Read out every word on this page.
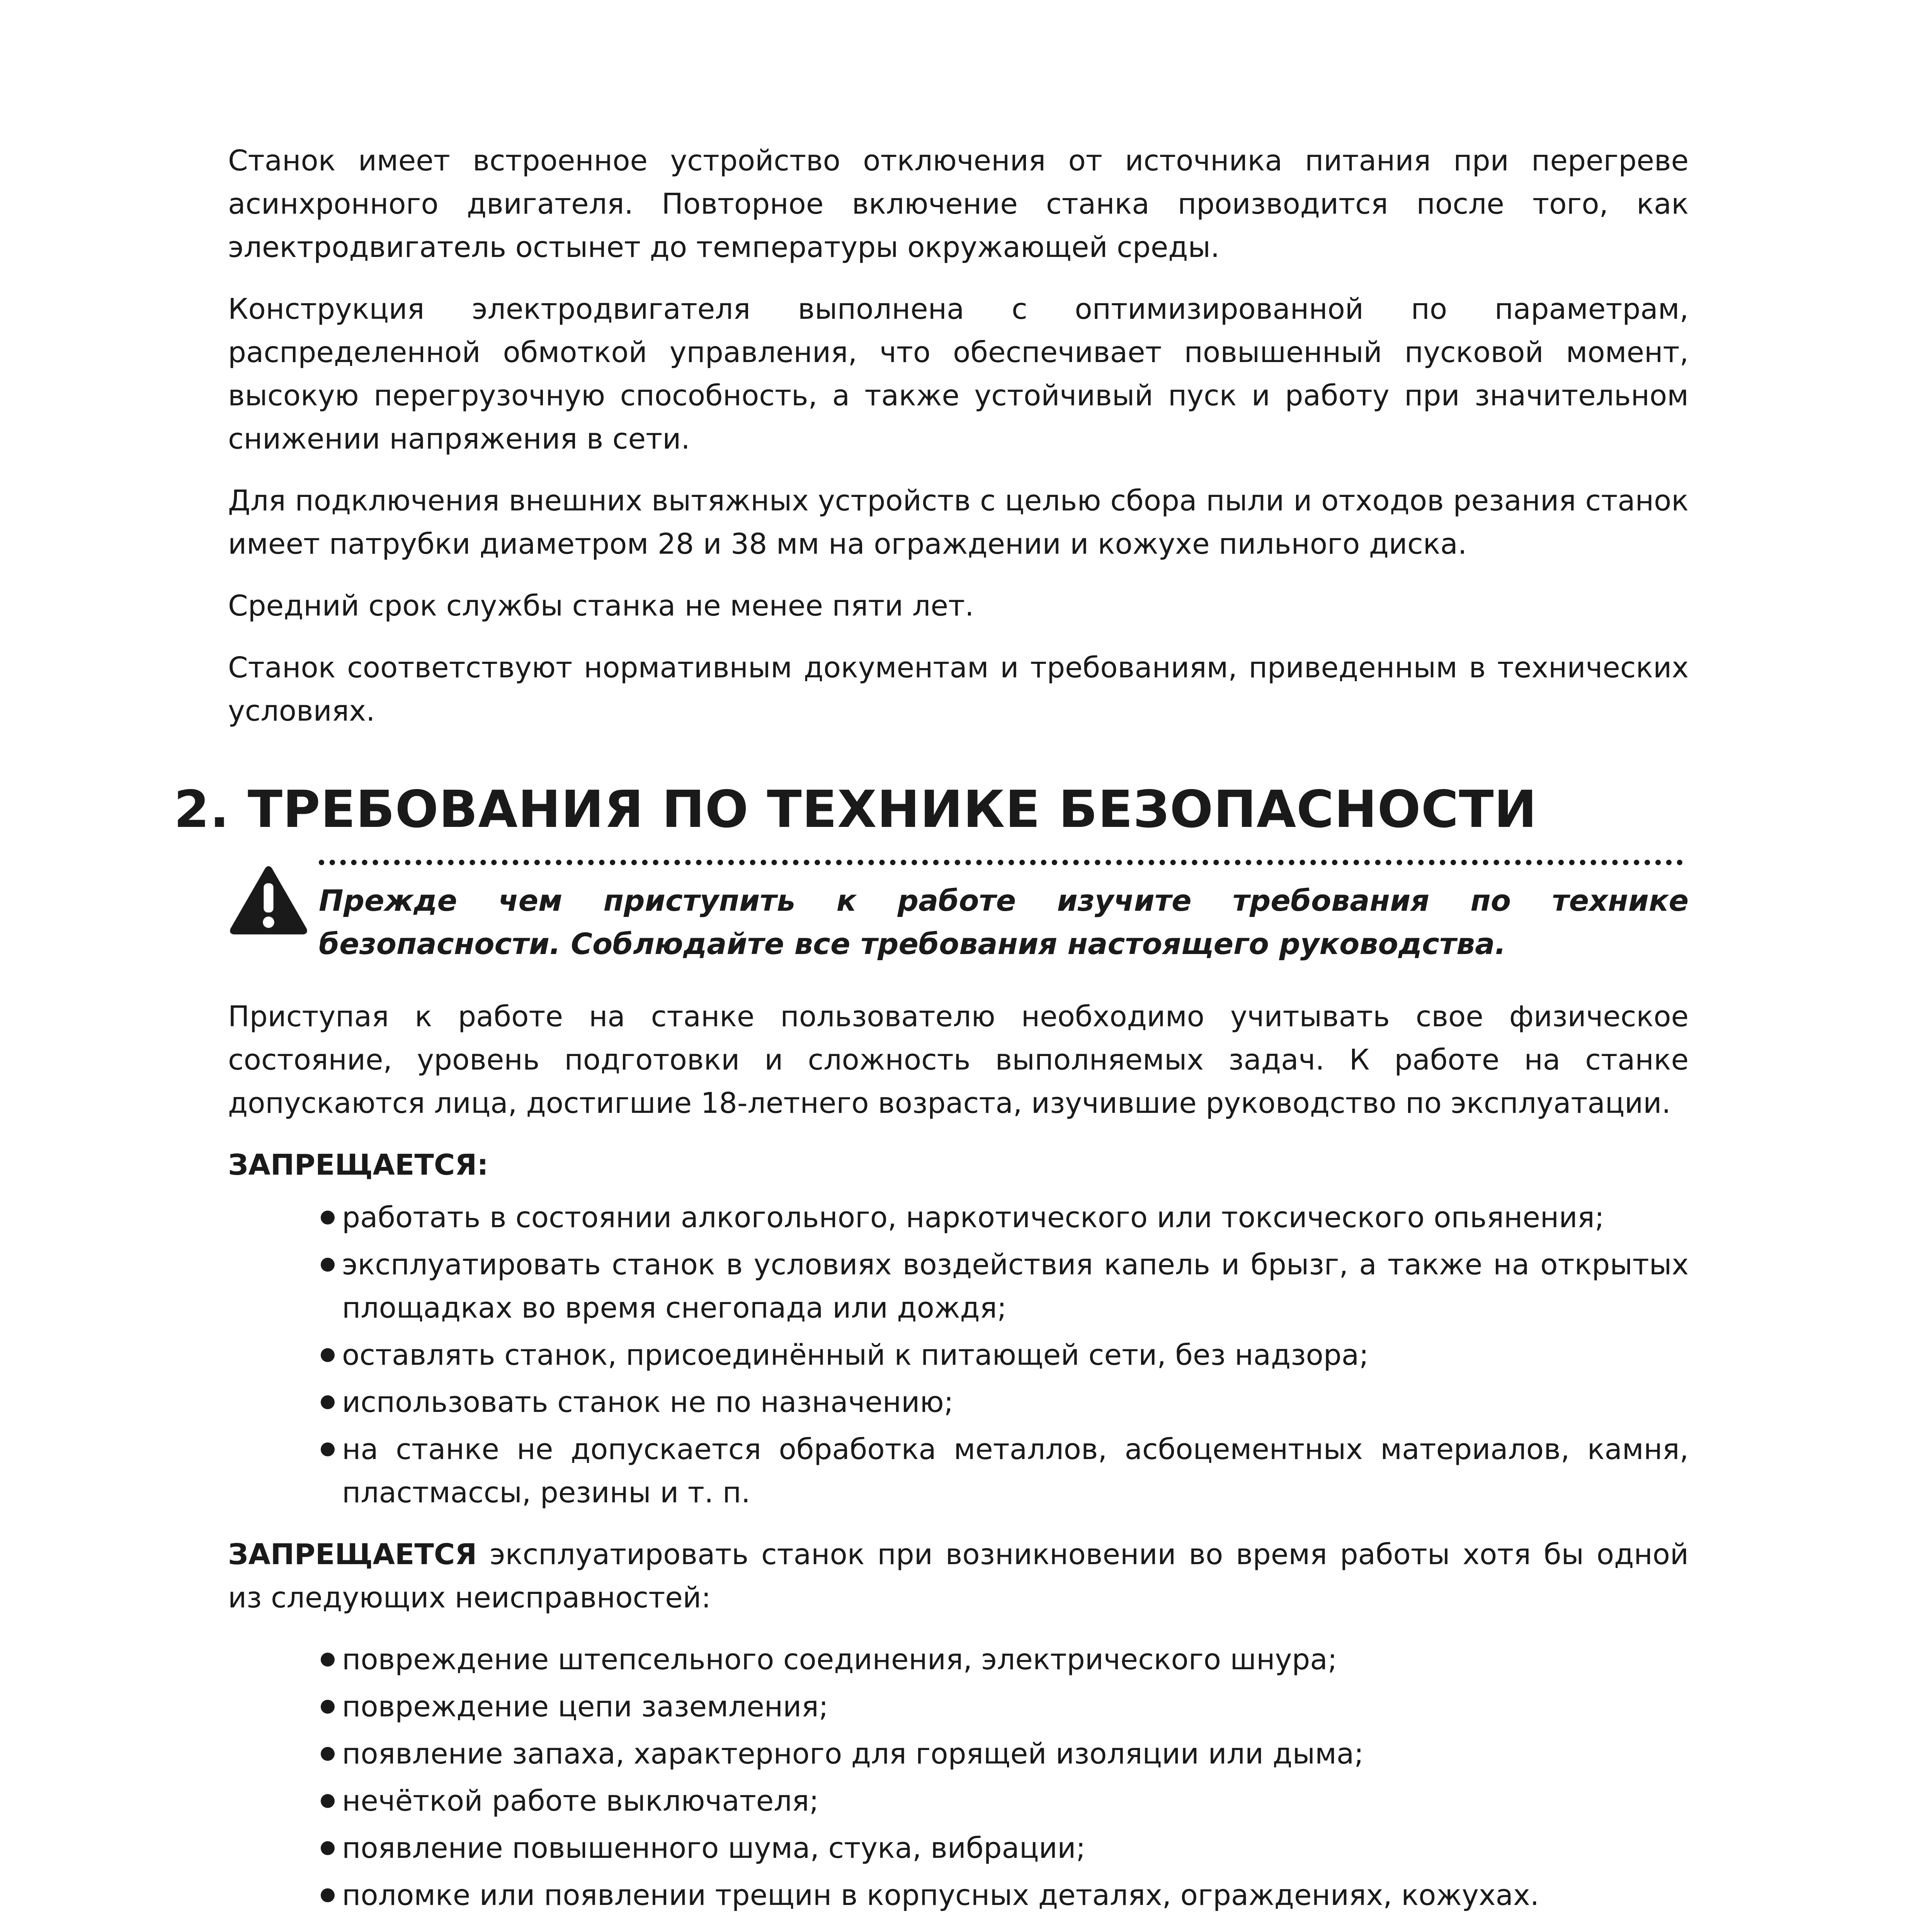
Станок имеет встроенное устройство отключения от источника питания при перегреве асинхронного двигателя. Повторное включение станка производится после того, как электродвигатель остынет до температуры окружающей среды.

Конструкция электродвигателя выполнена с оптимизированной по параметрам, распределенной обмоткой управления, что обеспечивает повышенный пусковой момент, высокую перегрузочную способность, а также устойчивый пуск и работу при значительном снижении напряжения в сети.

Для подключения внешних вытяжных устройств с целью сбора пыли и отходов резания станок имеет патрубки диаметром 28 и 38 мм на ограждении и кожухе пильного диска.

Средний срок службы станка не менее пяти лет.

Станок соответствуют нормативным документам и требованиям, приведенным в технических условиях.

2. ТРЕБОВАНИЯ ПО ТЕХНИКЕ БЕЗОПАСНОСТИ
Прежде чем приступить к работе изучите требования по технике безопасности. Соблюдайте все требования настоящего руководства.

Приступая к работе на станке пользователю необходимо учитывать свое физическое состояние, уровень подготовки и сложность выполняемых задач. К работе на станке допускаются лица, достигшие 18-летнего возраста, изучившие руководство по эксплуатации.

ЗАПРЕЩАЕТСЯ:

работать в состоянии алкогольного, наркотического или токсического опьянения;
эксплуатировать станок в условиях воздействия капель и брызг, а также на открытых площадках во время снегопада или дождя;
оставлять станок, присоединённый к питающей сети, без надзора;
использовать станок не по назначению;
на станке не допускается обработка металлов, асбоцементных материалов, камня, пластмассы, резины и т. п.

ЗАПРЕЩАЕТСЯ эксплуатировать станок при возникновении во время работы хотя бы одной из следующих неисправностей:

повреждение штепсельного соединения, электрического шнура;
повреждение цепи заземления;
появление запаха, характерного для горящей изоляции или дыма;
нечёткой работе выключателя;
появление повышенного шума, стука, вибрации;
поломке или появлении трещин в корпусных деталях, ограждениях, кожухах.
